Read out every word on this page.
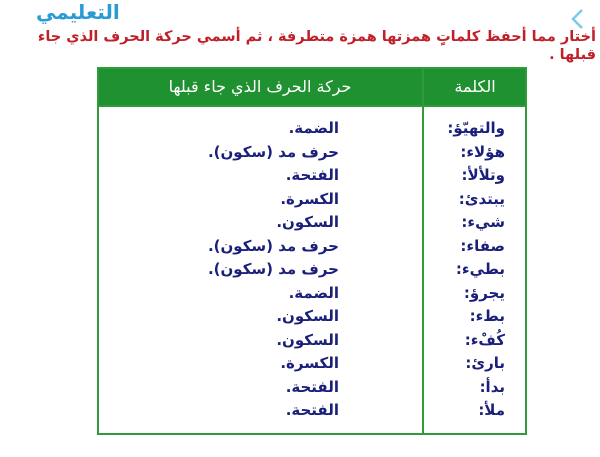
التعليمي
أختار مما أحفظ كلماتٍ همزتها همزة متطرفة ، ثم أسمي حركة الحرف الذي جاء قبلها .
الكلمة
حركة الحرف الذي جاء قبلها
والتهيّؤ:
الضمة.
هؤلاء:
حرف مد (سكون).
وتلألأ:
الفتحة.
يبتدئ:
الكسرة.
شيء:
السكون.
صفاء:
حرف مد (سكون).
بطيء:
حرف مد (سكون).
يجرؤ:
الضمة.
بطء:
السكون.
كُفْء:
السكون.
بارئ:
الكسرة.
بدأ:
الفتحة.
ملأ:
الفتحة.
